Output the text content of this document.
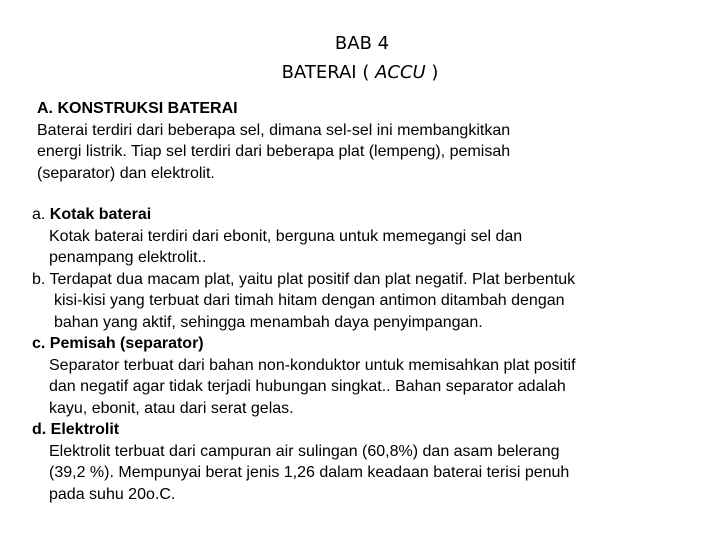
BAB 4
BATERAI ( ACCU )
A. KONSTRUKSI BATERAI
Baterai terdiri dari beberapa sel, dimana sel-sel ini membangkitkan
energi listrik. Tiap sel terdiri dari beberapa plat (lempeng), pemisah
(separator) dan elektrolit.
a. Kotak baterai
Kotak baterai terdiri dari ebonit, berguna untuk memegangi sel dan
penampang elektrolit..
b. Terdapat dua macam plat, yaitu plat positif dan plat negatif. Plat berbentuk
kisi-kisi yang terbuat dari timah hitam dengan antimon ditambah dengan
bahan yang aktif, sehingga menambah daya penyimpangan.
c. Pemisah (separator)
Separator terbuat dari bahan non-konduktor untuk memisahkan plat positif
dan negatif agar tidak terjadi hubungan singkat.. Bahan separator adalah
kayu, ebonit, atau dari serat gelas.
d. Elektrolit
Elektrolit terbuat dari campuran air sulingan (60,8%) dan asam belerang
(39,2 %). Mempunyai berat jenis 1,26 dalam keadaan baterai terisi penuh
pada suhu 20o.C.
